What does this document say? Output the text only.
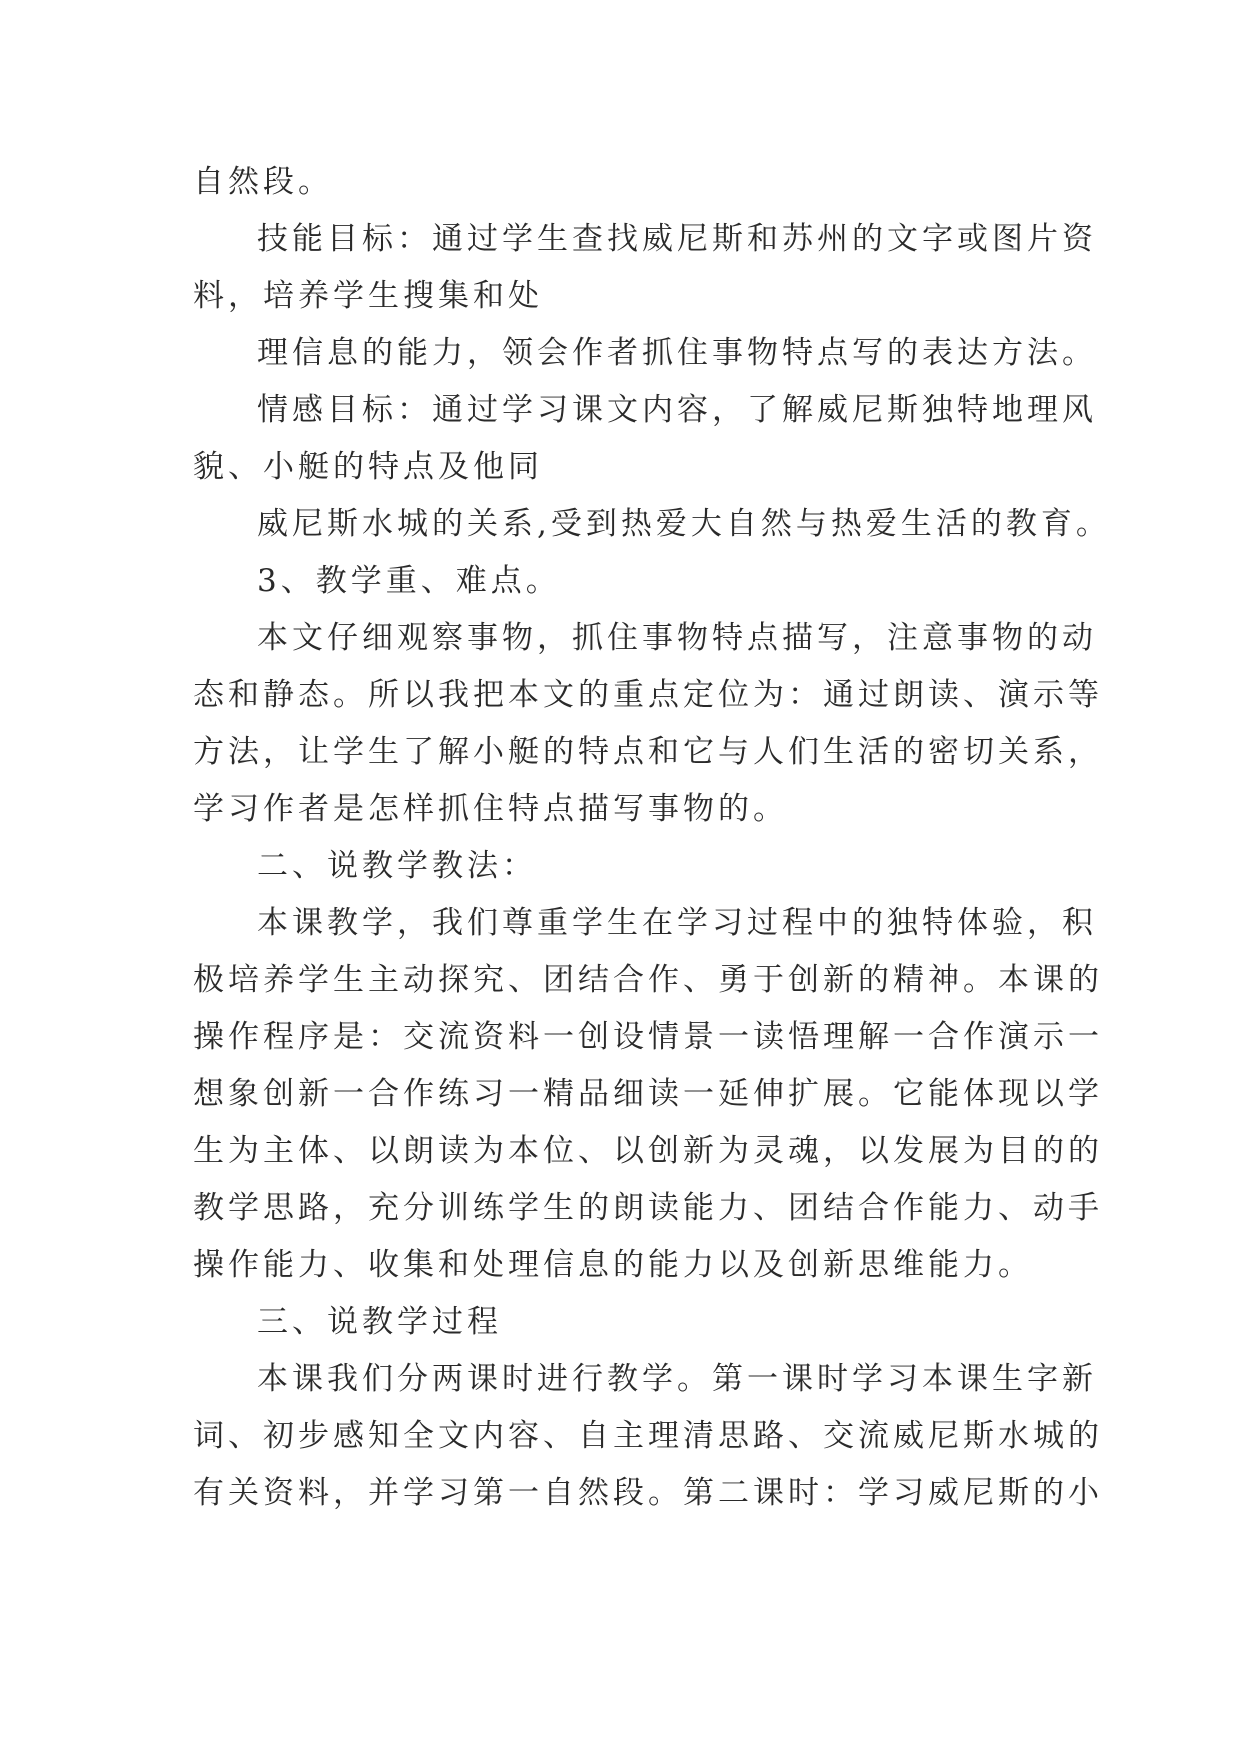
自然段。
技能目标：通过学生查找威尼斯和苏州的文字或图片资
料，培养学生搜集和处
理信息的能力，领会作者抓住事物特点写的表达方法。
情感目标：通过学习课文内容，了解威尼斯独特地理风
貌、小艇的特点及他同
威尼斯水城的关系,受到热爱大自然与热爱生活的教育。
3、教学重、难点。
本文仔细观察事物，抓住事物特点描写，注意事物的动
态和静态。所以我把本文的重点定位为：通过朗读、演示等
方法，让学生了解小艇的特点和它与人们生活的密切关系，
学习作者是怎样抓住特点描写事物的。
二、说教学教法：
本课教学，我们尊重学生在学习过程中的独特体验，积
极培养学生主动探究、团结合作、勇于创新的精神。本课的
操作程序是：交流资料一创设情景一读悟理解一合作演示一
想象创新一合作练习一精品细读一延伸扩展。它能体现以学
生为主体、以朗读为本位、以创新为灵魂，以发展为目的的
教学思路，充分训练学生的朗读能力、团结合作能力、动手
操作能力、收集和处理信息的能力以及创新思维能力。
三、说教学过程
本课我们分两课时进行教学。第一课时学习本课生字新
词、初步感知全文内容、自主理清思路、交流威尼斯水城的
有关资料，并学习第一自然段。第二课时：学习威尼斯的小
